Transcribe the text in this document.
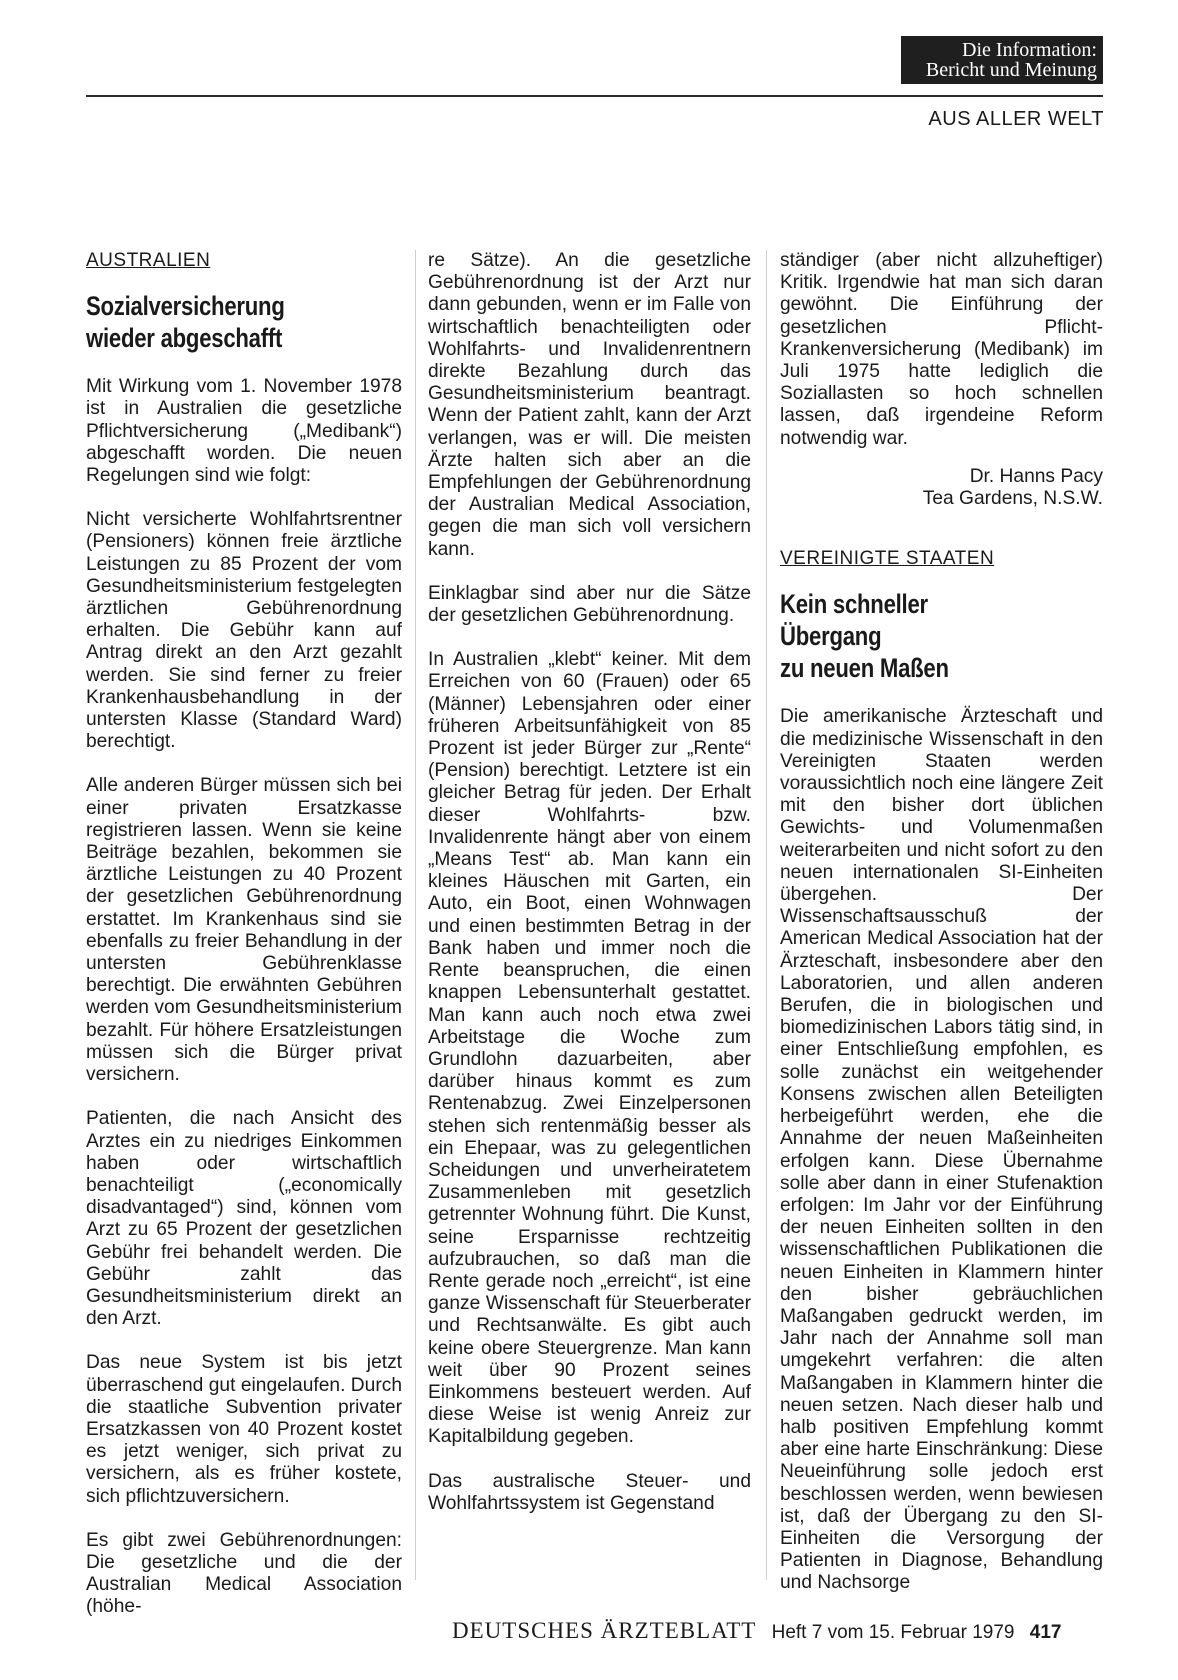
Die Information:
Bericht und Meinung
AUS ALLER WELT
AUSTRALIEN
Sozialversicherung
wieder abgeschafft

Mit Wirkung vom 1. November 1978 ist in Australien die gesetzliche Pflichtversicherung („Medibank“) abgeschafft worden. Die neuen Regelungen sind wie folgt:

Nicht versicherte Wohlfahrtsrentner (Pensioners) können freie ärztliche Leistungen zu 85 Prozent der vom Gesundheitsministerium festgelegten ärztlichen Gebührenordnung erhalten. Die Gebühr kann auf Antrag direkt an den Arzt gezahlt werden. Sie sind ferner zu freier Krankenhausbehandlung in der untersten Klasse (Standard Ward) berechtigt.

Alle anderen Bürger müssen sich bei einer privaten Ersatzkasse registrieren lassen. Wenn sie keine Beiträge bezahlen, bekommen sie ärztliche Leistungen zu 40 Prozent der gesetzlichen Gebührenordnung erstattet. Im Krankenhaus sind sie ebenfalls zu freier Behandlung in der untersten Gebührenklasse berechtigt. Die erwähnten Gebühren werden vom Gesundheitsministerium bezahlt. Für höhere Ersatzleistungen müssen sich die Bürger privat versichern.

Patienten, die nach Ansicht des Arztes ein zu niedriges Einkommen haben oder wirtschaftlich benachteiligt („economically disadvantaged“) sind, können vom Arzt zu 65 Prozent der gesetzlichen Gebühr frei behandelt werden. Die Gebühr zahlt das Gesundheitsministerium direkt an den Arzt.

Das neue System ist bis jetzt überraschend gut eingelaufen. Durch die staatliche Subvention privater Ersatzkassen von 40 Prozent kostet es jetzt weniger, sich privat zu versichern, als es früher kostete, sich pflichtzuversichern.

Es gibt zwei Gebührenordnungen: Die gesetzliche und die der Australian Medical Association (höhe-

re Sätze). An die gesetzliche Gebührenordnung ist der Arzt nur dann gebunden, wenn er im Falle von wirtschaftlich benachteiligten oder Wohlfahrts- und Invalidenrentnern direkte Bezahlung durch das Gesundheitsministerium beantragt. Wenn der Patient zahlt, kann der Arzt verlangen, was er will. Die meisten Ärzte halten sich aber an die Empfehlungen der Gebührenordnung der Australian Medical Association, gegen die man sich voll versichern kann.

Einklagbar sind aber nur die Sätze der gesetzlichen Gebührenordnung.

In Australien „klebt“ keiner. Mit dem Erreichen von 60 (Frauen) oder 65 (Männer) Lebensjahren oder einer früheren Arbeitsunfähigkeit von 85 Prozent ist jeder Bürger zur „Rente“ (Pension) berechtigt. Letztere ist ein gleicher Betrag für jeden. Der Erhalt dieser Wohlfahrts- bzw. Invalidenrente hängt aber von einem „Means Test“ ab. Man kann ein kleines Häuschen mit Garten, ein Auto, ein Boot, einen Wohnwagen und einen bestimmten Betrag in der Bank haben und immer noch die Rente beanspruchen, die einen knappen Lebensunterhalt gestattet. Man kann auch noch etwa zwei Arbeitstage die Woche zum Grundlohn dazuarbeiten, aber darüber hinaus kommt es zum Rentenabzug. Zwei Einzelpersonen stehen sich rentenmäßig besser als ein Ehepaar, was zu gelegentlichen Scheidungen und unverheiratetem Zusammenleben mit gesetzlich getrennter Wohnung führt. Die Kunst, seine Ersparnisse rechtzeitig aufzubrauchen, so daß man die Rente gerade noch „erreicht“, ist eine ganze Wissenschaft für Steuerberater und Rechtsanwälte. Es gibt auch keine obere Steuergrenze. Man kann weit über 90 Prozent seines Einkommens besteuert werden. Auf diese Weise ist wenig Anreiz zur Kapitalbildung gegeben.

Das australische Steuer- und Wohlfahrtssystem ist Gegenstand

ständiger (aber nicht allzuheftiger) Kritik. Irgendwie hat man sich daran gewöhnt. Die Einführung der gesetzlichen Pflicht-Krankenversicherung (Medibank) im Juli 1975 hatte lediglich die Soziallasten so hoch schnellen lassen, daß irgendeine Reform notwendig war.

Dr. Hanns Pacy
Tea Gardens, N.S.W.
VEREINIGTE STAATEN
Kein schneller
Übergang
zu neuen Maßen

Die amerikanische Ärzteschaft und die medizinische Wissenschaft in den Vereinigten Staaten werden voraussichtlich noch eine längere Zeit mit den bisher dort üblichen Gewichts- und Volumenmaßen weiterarbeiten und nicht sofort zu den neuen internationalen SI-Einheiten übergehen. Der Wissenschaftsausschuß der American Medical Association hat der Ärzteschaft, insbesondere aber den Laboratorien, und allen anderen Berufen, die in biologischen und biomedizinischen Labors tätig sind, in einer Entschließung empfohlen, es solle zunächst ein weitgehender Konsens zwischen allen Beteiligten herbeigeführt werden, ehe die Annahme der neuen Maßeinheiten erfolgen kann. Diese Übernahme solle aber dann in einer Stufenaktion erfolgen: Im Jahr vor der Einführung der neuen Einheiten sollten in den wissenschaftlichen Publikationen die neuen Einheiten in Klammern hinter den bisher gebräuchlichen Maßangaben gedruckt werden, im Jahr nach der Annahme soll man umgekehrt verfahren: die alten Maßangaben in Klammern hinter die neuen setzen. Nach dieser halb und halb positiven Empfehlung kommt aber eine harte Einschränkung: Diese Neueinführung solle jedoch erst beschlossen werden, wenn bewiesen ist, daß der Übergang zu den SI-Einheiten die Versorgung der Patienten in Diagnose, Behandlung und Nachsorge

DEUTSCHES ÄRZTEBLATT Heft 7 vom 15. Februar 1979 417
